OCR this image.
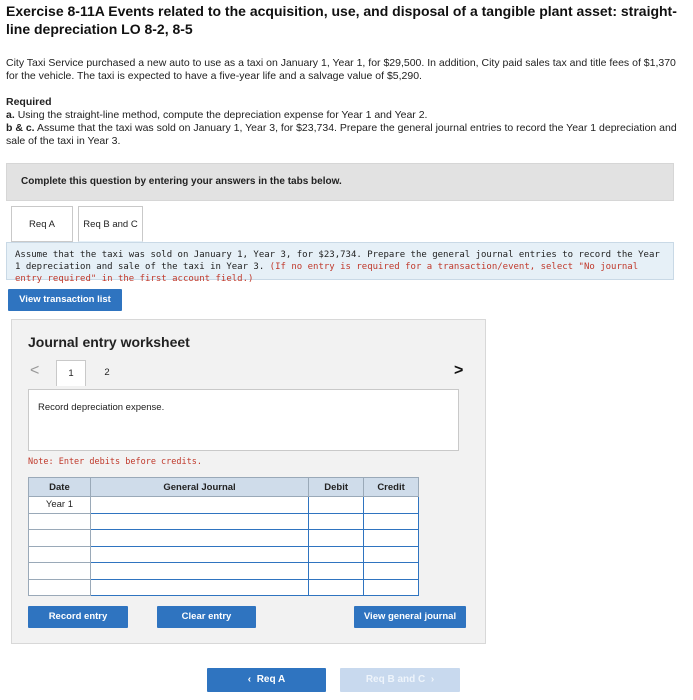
Exercise 8-11A Events related to the acquisition, use, and disposal of a tangible plant asset: straight-line depreciation LO 8-2, 8-5
City Taxi Service purchased a new auto to use as a taxi on January 1, Year 1, for $29,500. In addition, City paid sales tax and title fees of $1,370 for the vehicle. The taxi is expected to have a five-year life and a salvage value of $5,290.
Required
a. Using the straight-line method, compute the depreciation expense for Year 1 and Year 2.
b & c. Assume that the taxi was sold on January 1, Year 3, for $23,734. Prepare the general journal entries to record the Year 1 depreciation and sale of the taxi in Year 3.
Complete this question by entering your answers in the tabs below.
Req A	Req B and C
Assume that the taxi was sold on January 1, Year 3, for $23,734. Prepare the general journal entries to record the Year 1 depreciation and sale of the taxi in Year 3. (If no entry is required for a transaction/event, select "No journal entry required" in the first account field.)
View transaction list
Journal entry worksheet
<	1	2	>
Record depreciation expense.
Note: Enter debits before credits.
Date	General Journal	Debit	Credit
Year 1			

Record entry	Clear entry	View general journal
‹ Req A	Req B and C ›
